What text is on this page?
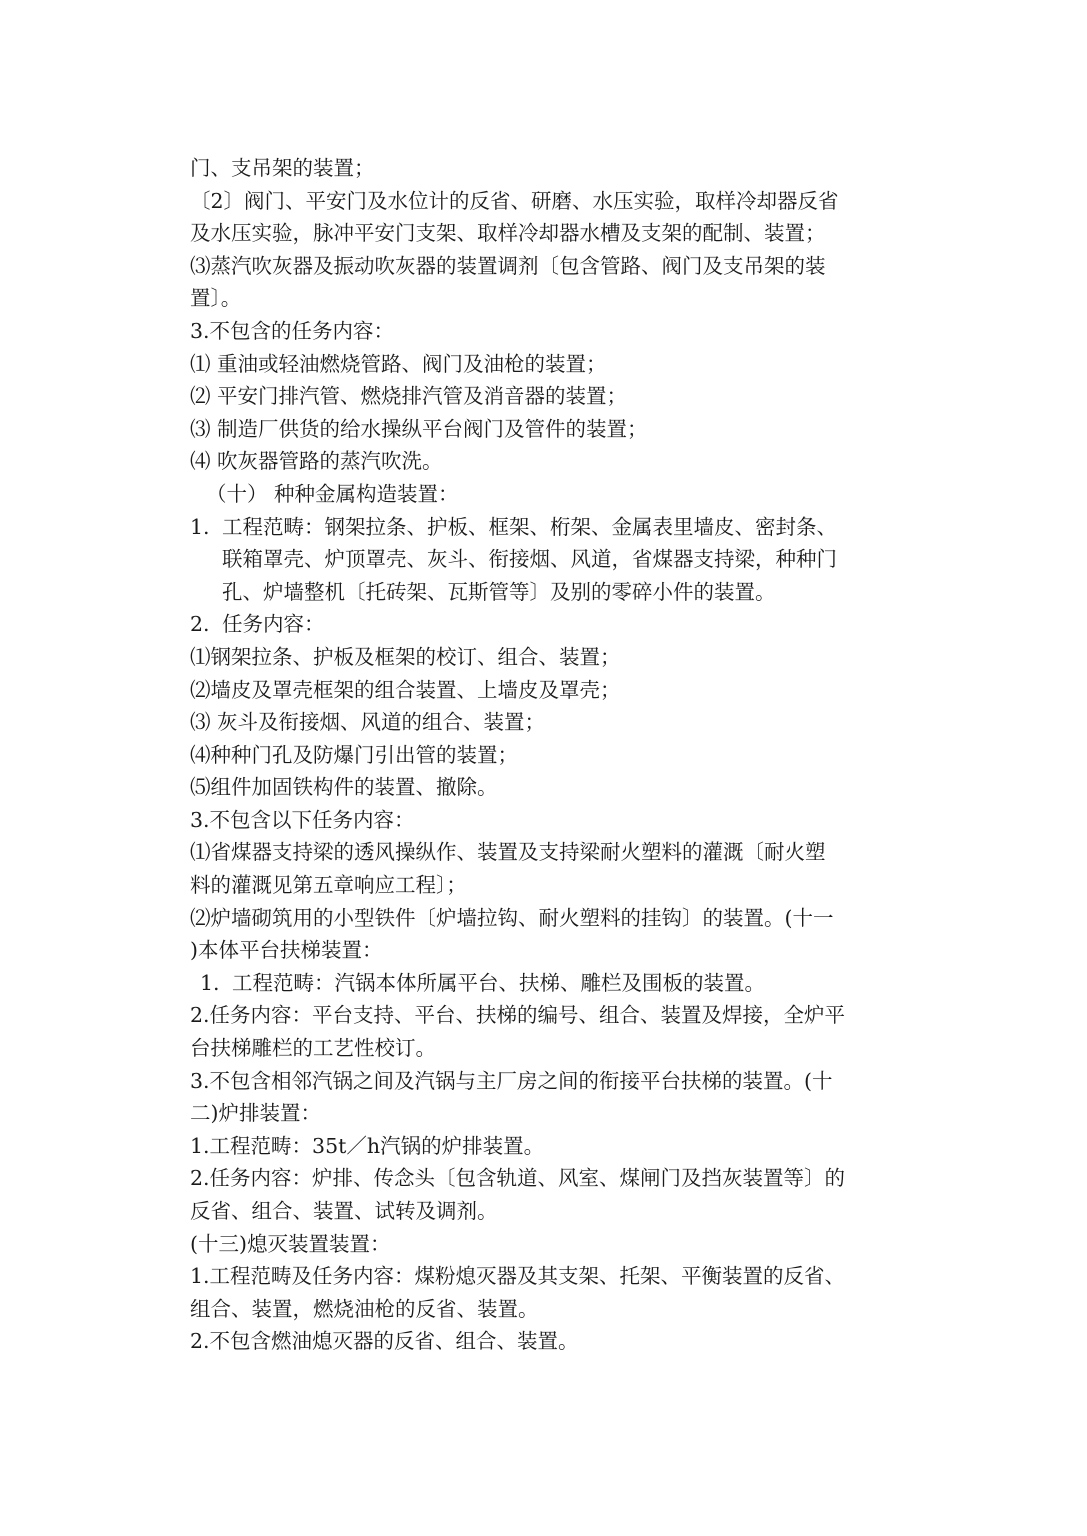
门、支吊架的装置；
〔2〕阀门、平安门及水位计的反省、研磨、水压实验，取样冷却器反省
及水压实验，脉冲平安门支架、取样冷却器水槽及支架的配制、装置；
⑶蒸汽吹灰器及振动吹灰器的装置调剂〔包含管路、阀门及支吊架的装
置〕。
3.不包含的任务内容：
⑴ 重油或轻油燃烧管路、阀门及油枪的装置；
⑵ 平安门排汽管、燃烧排汽管及消音器的装置；
⑶ 制造厂供货的给水操纵平台阀门及管件的装置；
⑷ 吹灰器管路的蒸汽吹洗。
（十） 种种金属构造装置：
1. 工程范畴：钢架拉条、护板、框架、桁架、金属表里墙皮、密封条、
联箱罩壳、炉顶罩壳、灰斗、衔接烟、风道，省煤器支持梁，种种门
孔、炉墙整机〔托砖架、瓦斯管等〕及别的零碎小件的装置。
2. 任务内容：
⑴钢架拉条、护板及框架的校订、组合、装置；
⑵墙皮及罩壳框架的组合装置、上墙皮及罩壳；
⑶ 灰斗及衔接烟、风道的组合、装置；
⑷种种门孔及防爆门引出管的装置；
⑸组件加固铁构件的装置、撤除。
3.不包含以下任务内容：
⑴省煤器支持梁的透风操纵作、装置及支持梁耐火塑料的灌溉〔耐火塑
料的灌溉见第五章响应工程〕；
⑵炉墙砌筑用的小型铁件〔炉墙拉钩、耐火塑料的挂钩〕的装置。(十一
)本体平台扶梯装置：
1. 工程范畴：汽锅本体所属平台、扶梯、雕栏及围板的装置。
2.任务内容：平台支持、平台、扶梯的编号、组合、装置及焊接，全炉平
台扶梯雕栏的工艺性校订。
3.不包含相邻汽锅之间及汽锅与主厂房之间的衔接平台扶梯的装置。(十
二)炉排装置：
1.工程范畴：35t／h汽锅的炉排装置。
2.任务内容：炉排、传念头〔包含轨道、风室、煤闸门及挡灰装置等〕的
反省、组合、装置、试转及调剂。
(十三)熄灭装置装置：
1.工程范畴及任务内容：煤粉熄灭器及其支架、托架、平衡装置的反省、
组合、装置，燃烧油枪的反省、装置。
2.不包含燃油熄灭器的反省、组合、装置。
